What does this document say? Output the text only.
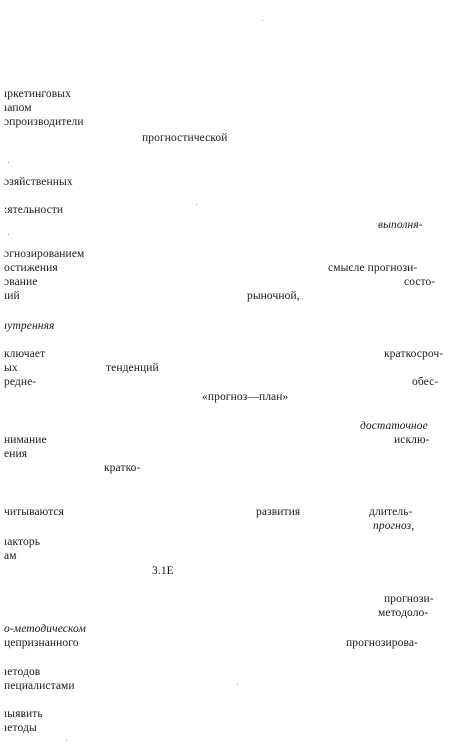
ıркетинговых
ıапом
ɔпроизводители
прогностической
ɔзяйственных
:ятельности
выполня-
ɔгнозированием
остижения	смысле прогнози-
ɔвание	состо-
ıий	рыночной,
ıутренняя
ключает	краткосроч-
ых	тенденций
редне-	обес-
«прогноз—план»
достаточное
нимание	исклю-
ения
кратко-
читываются	развития	длитель-
прогноз,
ıакторь
ам
3.1E
прогнози-
методоло-
о-методическом
цепризнанного	прогнозирова-
ıетодов
пециалистами
ıыявить
ıетоды
